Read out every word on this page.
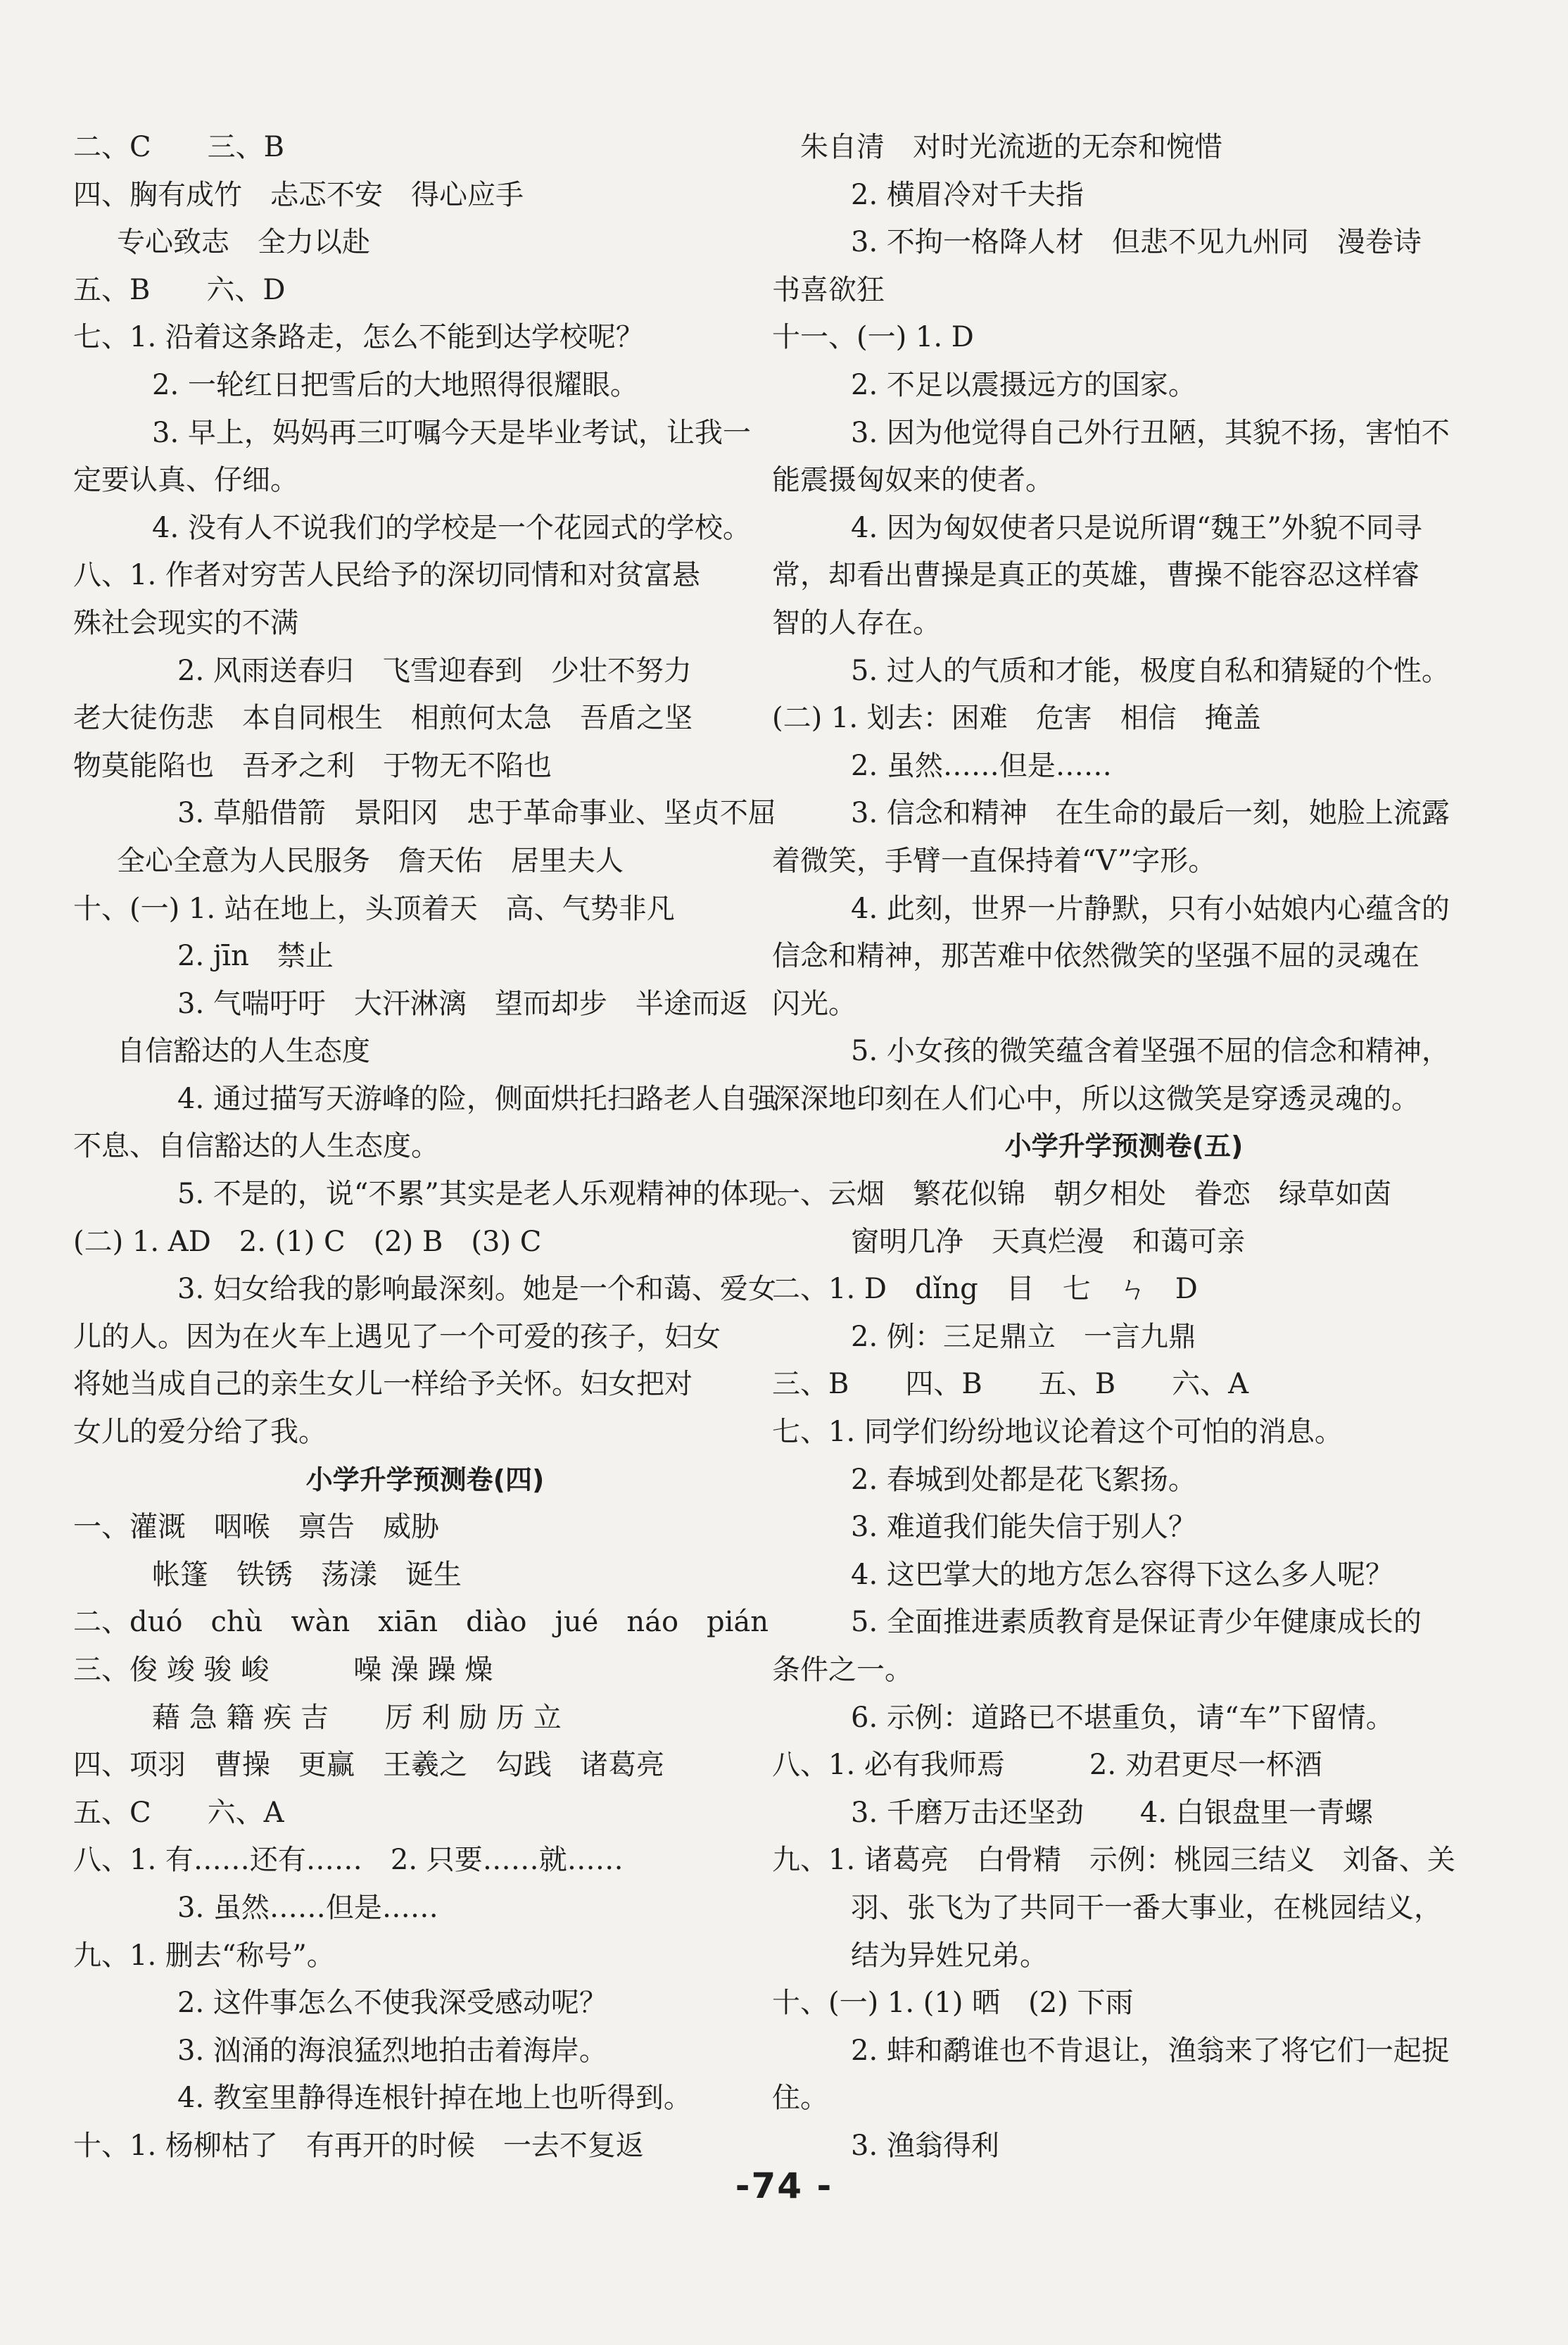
二、C　　三、B
四、胸有成竹　忐忑不安　得心应手
专心致志　全力以赴
五、B　　六、D
七、1. 沿着这条路走，怎么不能到达学校呢？
2. 一轮红日把雪后的大地照得很耀眼。
3. 早上，妈妈再三叮嘱今天是毕业考试，让我一
定要认真、仔细。
4. 没有人不说我们的学校是一个花园式的学校。
八、1. 作者对穷苦人民给予的深切同情和对贫富悬
殊社会现实的不满
2. 风雨送春归　飞雪迎春到　少壮不努力
老大徒伤悲　本自同根生　相煎何太急　吾盾之坚
物莫能陷也　吾矛之利　于物无不陷也
3. 草船借箭　景阳冈　忠于革命事业、坚贞不屈
全心全意为人民服务　詹天佑　居里夫人
十、(一) 1. 站在地上，头顶着天　高、气势非凡
2. jīn　禁止
3. 气喘吁吁　大汗淋漓　望而却步　半途而返
自信豁达的人生态度
4. 通过描写天游峰的险，侧面烘托扫路老人自强
不息、自信豁达的人生态度。
5. 不是的，说“不累”其实是老人乐观精神的体现。
(二) 1. AD　2. (1) C　(2) B　(3) C
3. 妇女给我的影响最深刻。她是一个和蔼、爱女
儿的人。因为在火车上遇见了一个可爱的孩子，妇女
将她当成自己的亲生女儿一样给予关怀。妇女把对
女儿的爱分给了我。
小学升学预测卷(四)
一、灌溉　咽喉　禀告　威胁
帐篷　铁锈　荡漾　诞生
二、duó　chù　wàn　xiān　diào　jué　náo　pián
三、俊 竣 骏 峻　　　噪 澡 躁 燥
藉 急 籍 疾 吉　　厉 利 励 历 立
四、项羽　曹操　更赢　王羲之　勾践　诸葛亮
五、C　　六、A
八、1. 有……还有……　2. 只要……就……
3. 虽然……但是……
九、1. 删去“称号”。
2. 这件事怎么不使我深受感动呢？
3. 汹涌的海浪猛烈地拍击着海岸。
4. 教室里静得连根针掉在地上也听得到。
十、1. 杨柳枯了　有再开的时候　一去不复返
朱自清　对时光流逝的无奈和惋惜
2. 横眉冷对千夫指
3. 不拘一格降人材　但悲不见九州同　漫卷诗
书喜欲狂
十一、(一) 1. D
2. 不足以震摄远方的国家。
3. 因为他觉得自己外行丑陋，其貌不扬，害怕不
能震摄匈奴来的使者。
4. 因为匈奴使者只是说所谓“魏王”外貌不同寻
常，却看出曹操是真正的英雄，曹操不能容忍这样睿
智的人存在。
5. 过人的气质和才能，极度自私和猜疑的个性。
(二) 1. 划去：困难　危害　相信　掩盖
2. 虽然……但是……
3. 信念和精神　在生命的最后一刻，她脸上流露
着微笑，手臂一直保持着“V”字形。
4. 此刻，世界一片静默，只有小姑娘内心蕴含的
信念和精神，那苦难中依然微笑的坚强不屈的灵魂在
闪光。
5. 小女孩的微笑蕴含着坚强不屈的信念和精神，
深深地印刻在人们心中，所以这微笑是穿透灵魂的。
小学升学预测卷(五)
一、云烟　繁花似锦　朝夕相处　眷恋　绿草如茵
窗明几净　天真烂漫　和蔼可亲
二、1. D　dǐng　目　七　ㄣ　D
2. 例：三足鼎立　一言九鼎
三、B　　四、B　　五、B　　六、A
七、1. 同学们纷纷地议论着这个可怕的消息。
2. 春城到处都是花飞絮扬。
3. 难道我们能失信于别人？
4. 这巴掌大的地方怎么容得下这么多人呢？
5. 全面推进素质教育是保证青少年健康成长的
条件之一。
6. 示例：道路已不堪重负，请“车”下留情。
八、1. 必有我师焉　　　2. 劝君更尽一杯酒
3. 千磨万击还坚劲　　4. 白银盘里一青螺
九、1. 诸葛亮　白骨精　示例：桃园三结义　刘备、关
羽、张飞为了共同干一番大事业，在桃园结义，
结为异姓兄弟。
十、(一) 1. (1) 晒　(2) 下雨
2. 蚌和鹬谁也不肯退让，渔翁来了将它们一起捉
住。
3. 渔翁得利
-74 -
